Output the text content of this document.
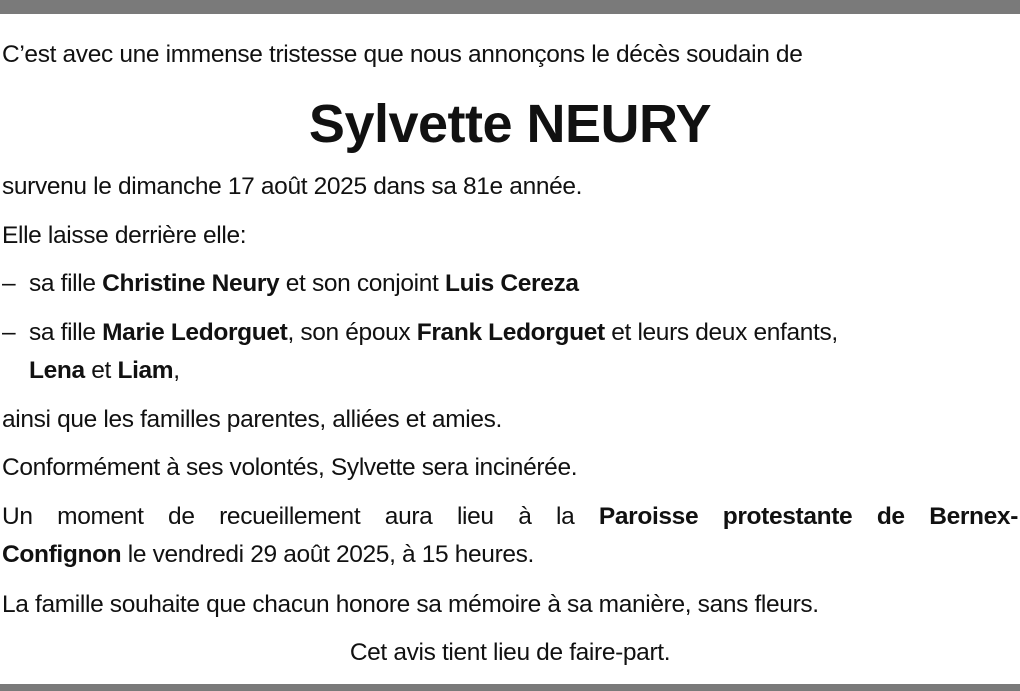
C’est avec une immense tristesse que nous annonçons le décès soudain de
Sylvette NEURY
survenu le dimanche 17 août 2025 dans sa 81e année.
Elle laisse derrière elle:
– sa fille Christine Neury et son conjoint Luis Cereza
– sa fille Marie Ledorguet, son époux Frank Ledorguet et leurs deux enfants,
Lena et Liam,
ainsi que les familles parentes, alliées et amies.
Conformément à ses volontés, Sylvette sera incinérée.
Un moment de recueillement aura lieu à la Paroisse protestante de Bernex-
Confignon le vendredi 29 août 2025, à 15 heures.
La famille souhaite que chacun honore sa mémoire à sa manière, sans fleurs.
Cet avis tient lieu de faire-part.
